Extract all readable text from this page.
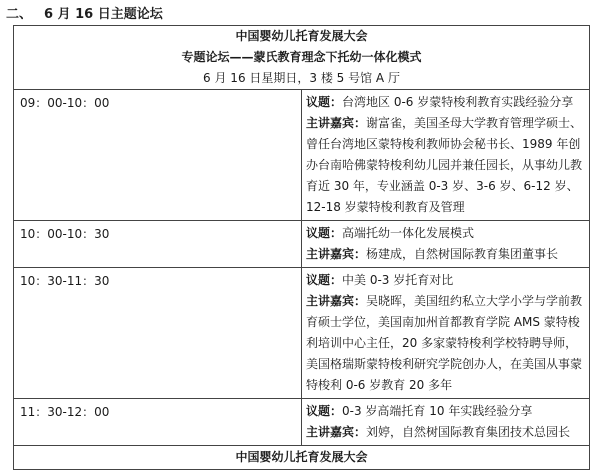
二、 6 月 16 日主题论坛
中国婴幼儿托育发展大会
专题论坛——蒙氏教育理念下托幼一体化模式
6 月 16 日星期日，3 楼 5 号馆 A 厅	

09：00-10：00	议题：台湾地区 0-6 岁蒙特梭利教育实践经验分享
主讲嘉宾：谢富雀，美国圣母大学教育管理学硕士、曾任台湾地区蒙特梭利教师协会秘书长、1989 年创办台南哈佛蒙特梭利幼儿园并兼任园长，从事幼儿教育近 30 年，专业涵盖 0-3 岁、3-6 岁、6-12 岁、12-18 岁蒙特梭利教育及管理

10：00-10：30	议题：高端托幼一体化发展模式
主讲嘉宾：杨建成，自然树国际教育集团董事长

10：30-11：30	议题：中美 0-3 岁托育对比
主讲嘉宾：吴晓晖，美国纽约私立大学小学与学前教育硕士学位，美国南加州首都教育学院 AMS 蒙特梭利培训中心主任，20 多家蒙特梭利学校特聘导师，美国格瑞斯蒙特梭利研究学院创办人，在美国从事蒙特梭利 0-6 岁教育 20 多年

11：30-12：00	议题：0-3 岁高端托育 10 年实践经验分享
主讲嘉宾：刘婷，自然树国际教育集团技术总园长

中国婴幼儿托育发展大会	
